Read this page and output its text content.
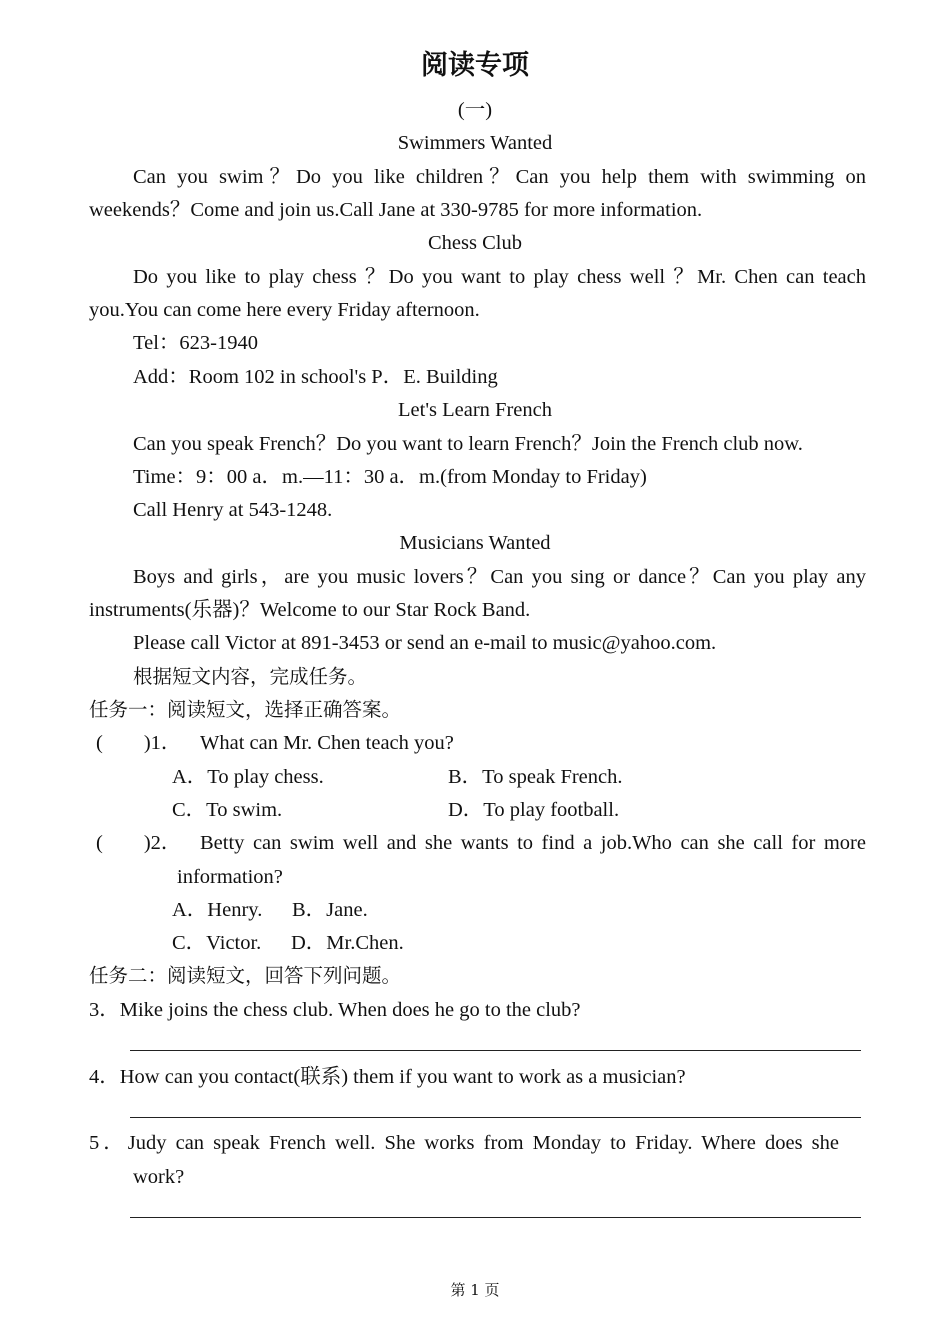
阅读专项
(一)
Swimmers Wanted
Can you swim？Do you like children？Can you help them with swimming on
weekends？Come and join us.Call Jane at 330-9785 for more information.
Chess Club
Do you like to play chess ？Do you want to play chess well ？Mr. Chen can teach
you.You can come here every Friday afternoon.
Tel：623-1940
Add：Room 102 in school's P．E. Building
Let's Learn French
Can you speak French？Do you want to learn French？Join the French club now.
Time：9：00 a．m.—11：30 a．m.(from Monday to Friday)
Call Henry at 543-1248.
Musicians Wanted
Boys and girls，are you music lovers？Can you sing or dance？Can you play any
instruments(乐器)？Welcome to our Star Rock Band.
Please call Victor at 891-3453 or send an e-mail to music@yahoo.com.
根据短文内容，完成任务。
任务一：阅读短文，选择正确答案。
(　　)1． What can Mr. Chen teach you?
A．To play chess.	B．To speak French.
C．To swim.	D．To play football.
(　　)2． Betty can swim well and she wants to find a job.Who can she call for more
information?
A．Henry. B．Jane.
C．Victor. D．Mr.Chen.
任务二：阅读短文，回答下列问题。
3．Mike joins the chess club. When does he go to the club?
4．How can you contact(联系) them if you want to work as a musician?
5．Judy can speak French well. She works from Monday to Friday. Where does she
work?
第 1 页
